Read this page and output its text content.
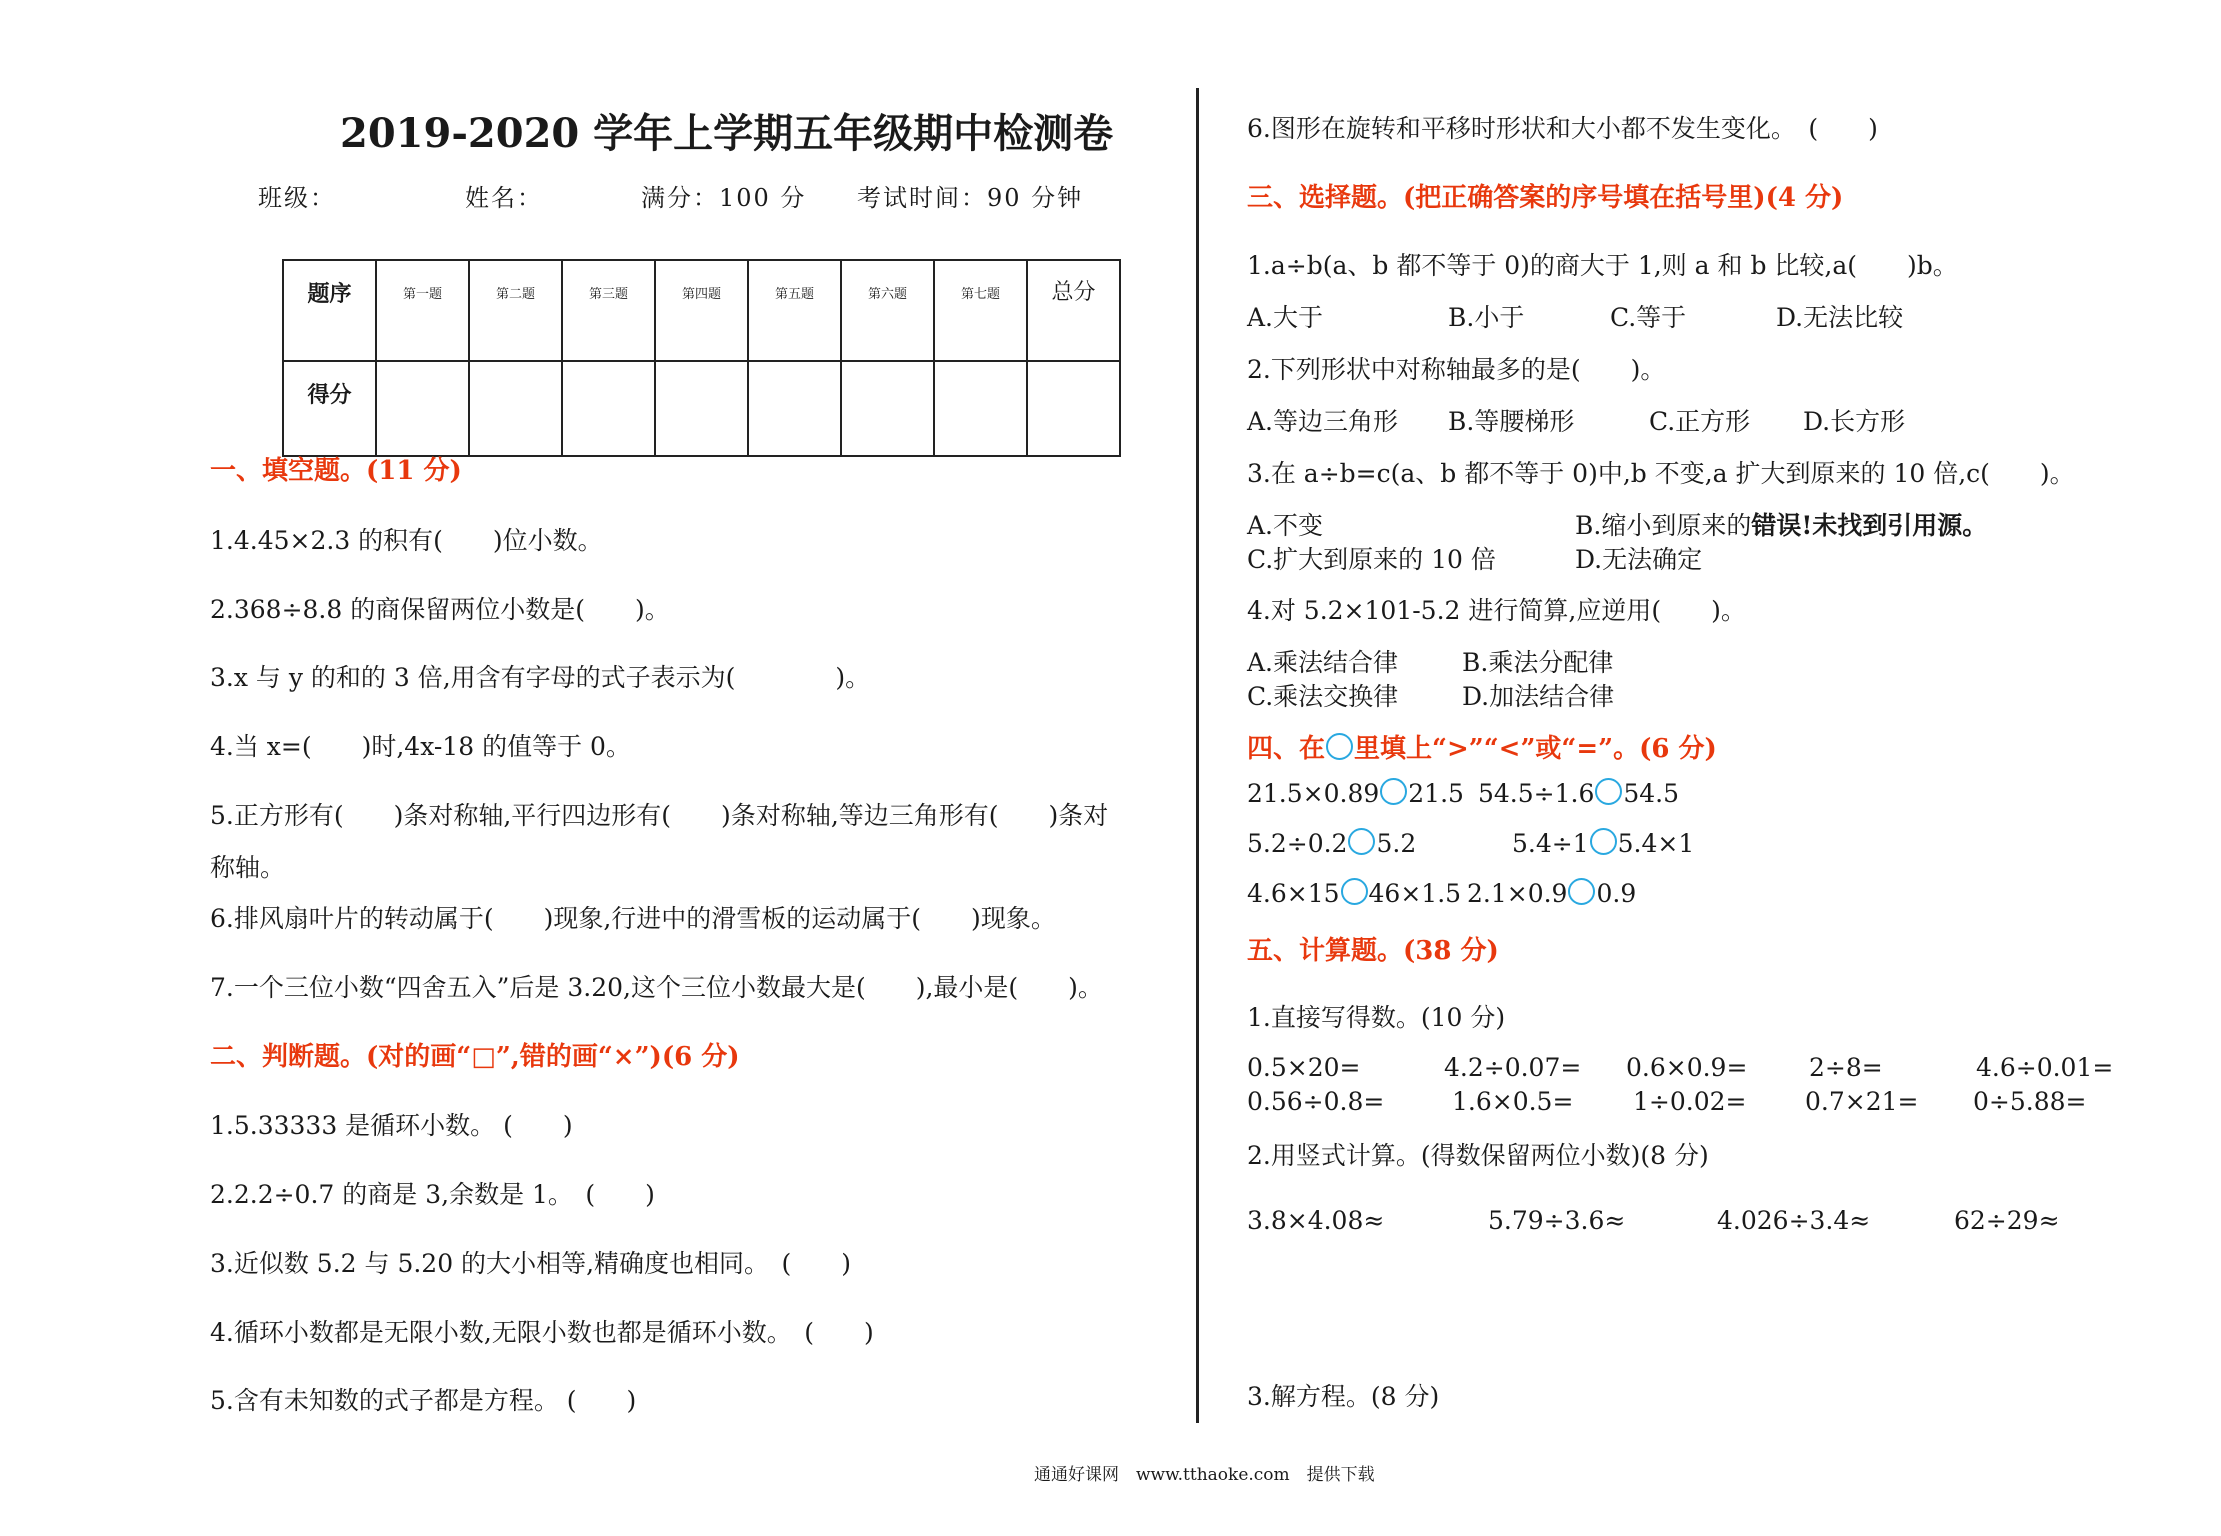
2019-2020 学年上学期五年级期中检测卷
班级：	姓名：	满分：100 分 考试时间：90 分钟
题序	第一题	第二题	第三题	第四题	第五题	第六题	第七题	总分
得分								
一、填空题。(11 分)
1.4.45×2.3 的积有(　　)位小数。
2.368÷8.8 的商保留两位小数是(　　)。
3.x 与 y 的和的 3 倍,用含有字母的式子表示为(　　　　)。
4.当 x=(　　)时,4x-18 的值等于 0。
5.正方形有(　　)条对称轴,平行四边形有(　　)条对称轴,等边三角形有(　　)条对
称轴。
6.排风扇叶片的转动属于(　　)现象,行进中的滑雪板的运动属于(　　)现象。
7.一个三位小数“四舍五入”后是 3.20,这个三位小数最大是(　　),最小是(　　)。
二、判断题。(对的画“□”,错的画“×”)(6 分)
1.5.33333 是循环小数。 (　　)
2.2.2÷0.7 的商是 3,余数是 1。　(　　)
3.近似数 5.2 与 5.20 的大小相等,精确度也相同。　(　　)
4.循环小数都是无限小数,无限小数也都是循环小数。　(　　)
5.含有未知数的式子都是方程。 (　　)
6.图形在旋转和平移时形状和大小都不发生变化。　(　　)
三、选择题。(把正确答案的序号填在括号里)(4 分)
1.a÷b(a、b 都不等于 0)的商大于 1,则 a 和 b 比较,a(　　)b。
A.大于	B.小于	C.等于	D.无法比较
2.下列形状中对称轴最多的是(　　)。
A.等边三角形 B.等腰梯形	C.正方形 D.长方形
3.在 a÷b=c(a、b 都不等于 0)中,b 不变,a 扩大到原来的 10 倍,c(　　)。
A.不变	B.缩小到原来的错误!未找到引用源。
C.扩大到原来的 10 倍	D.无法确定
4.对 5.2×101-5.2 进行简算,应逆用(　　)。
A.乘法结合律	B.乘法分配律
C.乘法交换律	D.加法结合律
四、在 里填上“>”“<”或“=”。(6 分)
21.5×0.89 21.5 54.5÷1.6 54.5
5.2÷0.2 5.2	5.4÷1 5.4×1
4.6×15 46×1.5 2.1×0.9 0.9
五、计算题。(38 分)
1.直接写得数。(10 分)
0.5×20=	4.2÷0.07= 0.6×0.9= 2÷8=	4.6÷0.01=
0.56÷0.8=	1.6×0.5= 1÷0.02= 0.7×21= 0÷5.88=
2.用竖式计算。(得数保留两位小数)(8 分)
3.8×4.08≈	5.79÷3.6≈	4.026÷3.4≈	62÷29≈
3.解方程。(8 分)
通通好课网　www.tthaoke.com　提供下载
